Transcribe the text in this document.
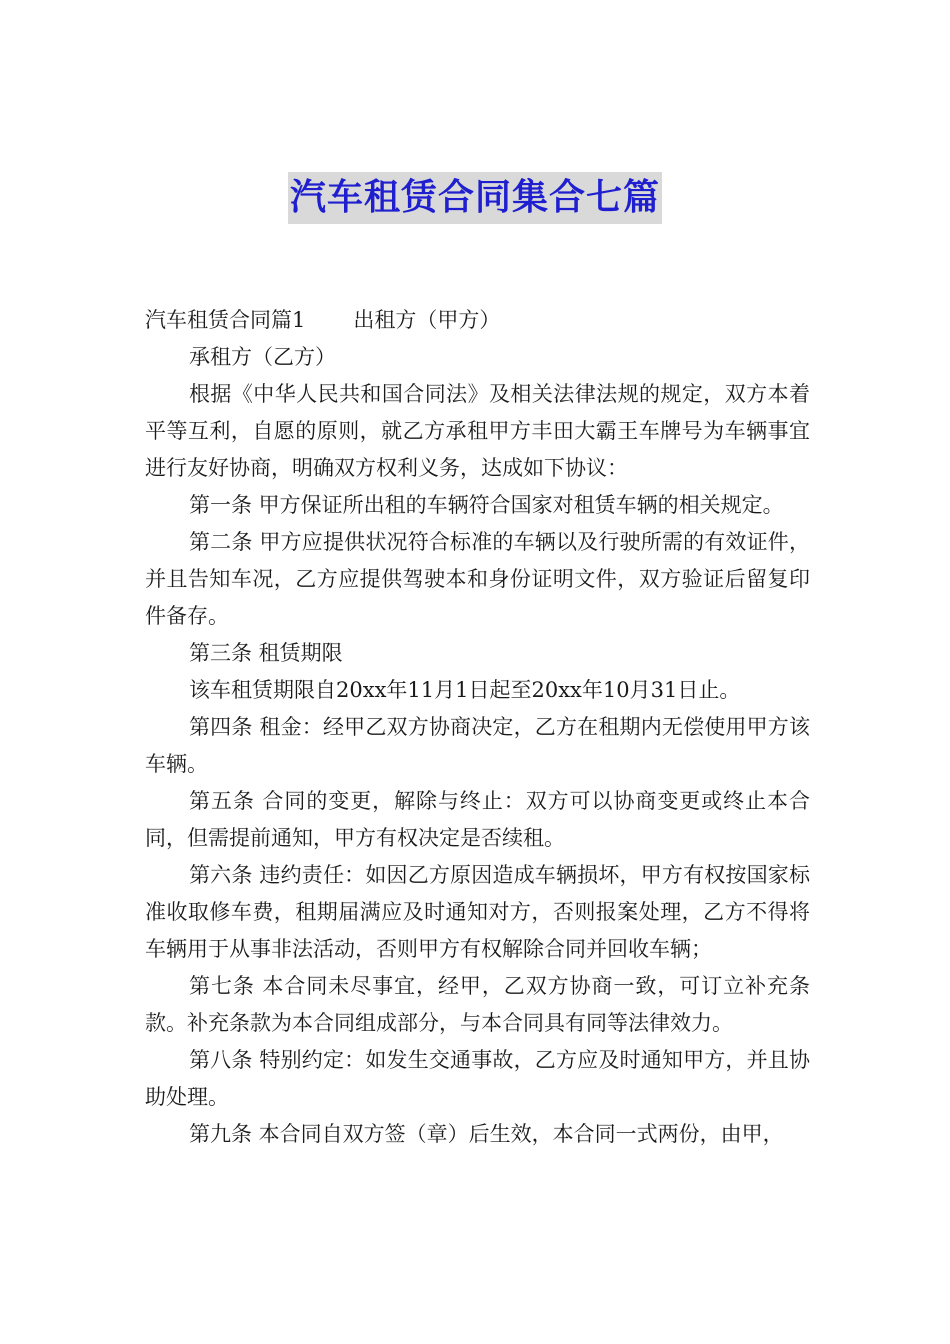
汽车租赁合同集合七篇

汽车租赁合同篇1 出租方（甲方）

承租方（乙方）

根据《中华人民共和国合同法》及相关法律法规的规定，双方本着平等互利，自愿的原则，就乙方承租甲方丰田大霸王车牌号为车辆事宜进行友好协商，明确双方权利义务，达成如下协议：

第一条 甲方保证所出租的车辆符合国家对租赁车辆的相关规定。

第二条 甲方应提供状况符合标准的车辆以及行驶所需的有效证件，并且告知车况，乙方应提供驾驶本和身份证明文件，双方验证后留复印件备存。

第三条 租赁期限

该车租赁期限自20xx年11月1日起至20xx年10月31日止。

第四条 租金：经甲乙双方协商决定，乙方在租期内无偿使用甲方该车辆。

第五条 合同的变更，解除与终止：双方可以协商变更或终止本合同，但需提前通知，甲方有权决定是否续租。

第六条 违约责任：如因乙方原因造成车辆损坏，甲方有权按国家标准收取修车费，租期届满应及时通知对方，否则报案处理，乙方不得将车辆用于从事非法活动，否则甲方有权解除合同并回收车辆；

第七条 本合同未尽事宜，经甲，乙双方协商一致，可订立补充条款。补充条款为本合同组成部分，与本合同具有同等法律效力。

第八条 特别约定：如发生交通事故，乙方应及时通知甲方，并且协助处理。

第九条 本合同自双方签（章）后生效，本合同一式两份，由甲，
